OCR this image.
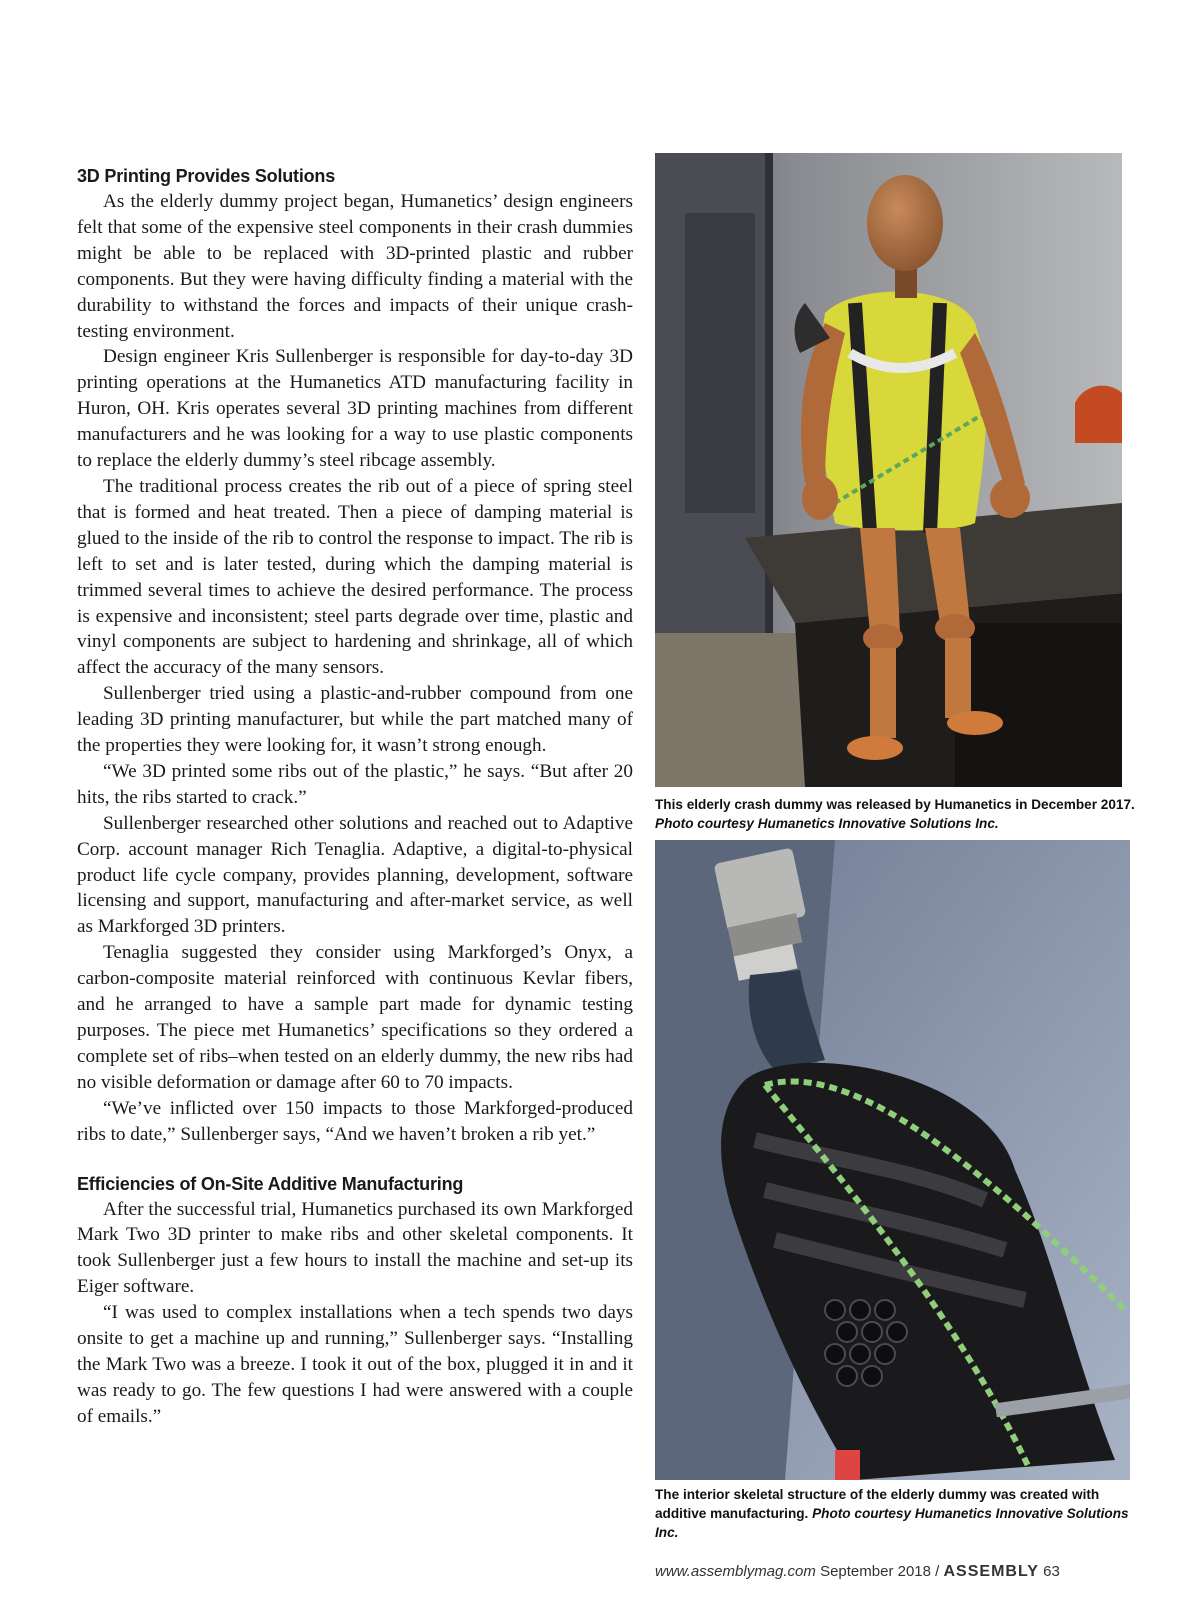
3D Printing Provides Solutions

As the elderly dummy project began, Humanetics’ design engineers felt that some of the expensive steel components in their crash dummies might be able to be replaced with 3D-printed plastic and rubber components. But they were having difficulty finding a material with the durability to withstand the forces and impacts of their unique crash-testing environment.

Design engineer Kris Sullenberger is responsible for day-to-day 3D printing operations at the Humanetics ATD manufacturing facility in Huron, OH. Kris operates several 3D printing machines from different manufacturers and he was looking for a way to use plastic components to replace the elderly dummy’s steel ribcage assembly.

The traditional process creates the rib out of a piece of spring steel that is formed and heat treated. Then a piece of damping material is glued to the inside of the rib to control the response to impact. The rib is left to set and is later tested, during which the damping material is trimmed several times to achieve the desired performance. The process is expensive and inconsistent; steel parts degrade over time, plastic and vinyl components are subject to hardening and shrinkage, all of which affect the accuracy of the many sensors.

Sullenberger tried using a plastic-and-rubber compound from one leading 3D printing manufacturer, but while the part matched many of the properties they were looking for, it wasn’t strong enough.

“We 3D printed some ribs out of the plastic,” he says. “But after 20 hits, the ribs started to crack.”

Sullenberger researched other solutions and reached out to Adaptive Corp. account manager Rich Tenaglia. Adaptive, a digital-to-physical product life cycle company, provides planning, development, software licensing and support, manufacturing and after-market service, as well as Markforged 3D printers.

Tenaglia suggested they consider using Markforged’s Onyx, a carbon-composite material reinforced with continuous Kevlar fibers, and he arranged to have a sample part made for dynamic testing purposes. The piece met Humanetics’ specifications so they ordered a complete set of ribs–when tested on an elderly dummy, the new ribs had no visible deformation or damage after 60 to 70 impacts.

“We’ve inflicted over 150 impacts to those Markforged-produced ribs to date,” Sullenberger says, “And we haven’t broken a rib yet.”

Efficiencies of On-Site Additive Manufacturing

After the successful trial, Humanetics purchased its own Markforged Mark Two 3D printer to make ribs and other skeletal components. It took Sullenberger just a few hours to install the machine and set-up its Eiger software.

“I was used to complex installations when a tech spends two days onsite to get a machine up and running,” Sullenberger says. “Installing the Mark Two was a breeze. I took it out of the box, plugged it in and it was ready to go. The few questions I had were answered with a couple of emails.”

This elderly crash dummy was released by Humanetics in December 2017. Photo courtesy Humanetics Innovative Solutions Inc.
The interior skeletal structure of the elderly dummy was created with additive manufacturing. Photo courtesy Humanetics Innovative Solutions Inc.
www.assemblymag.com September 2018 / ASSEMBLY 63
